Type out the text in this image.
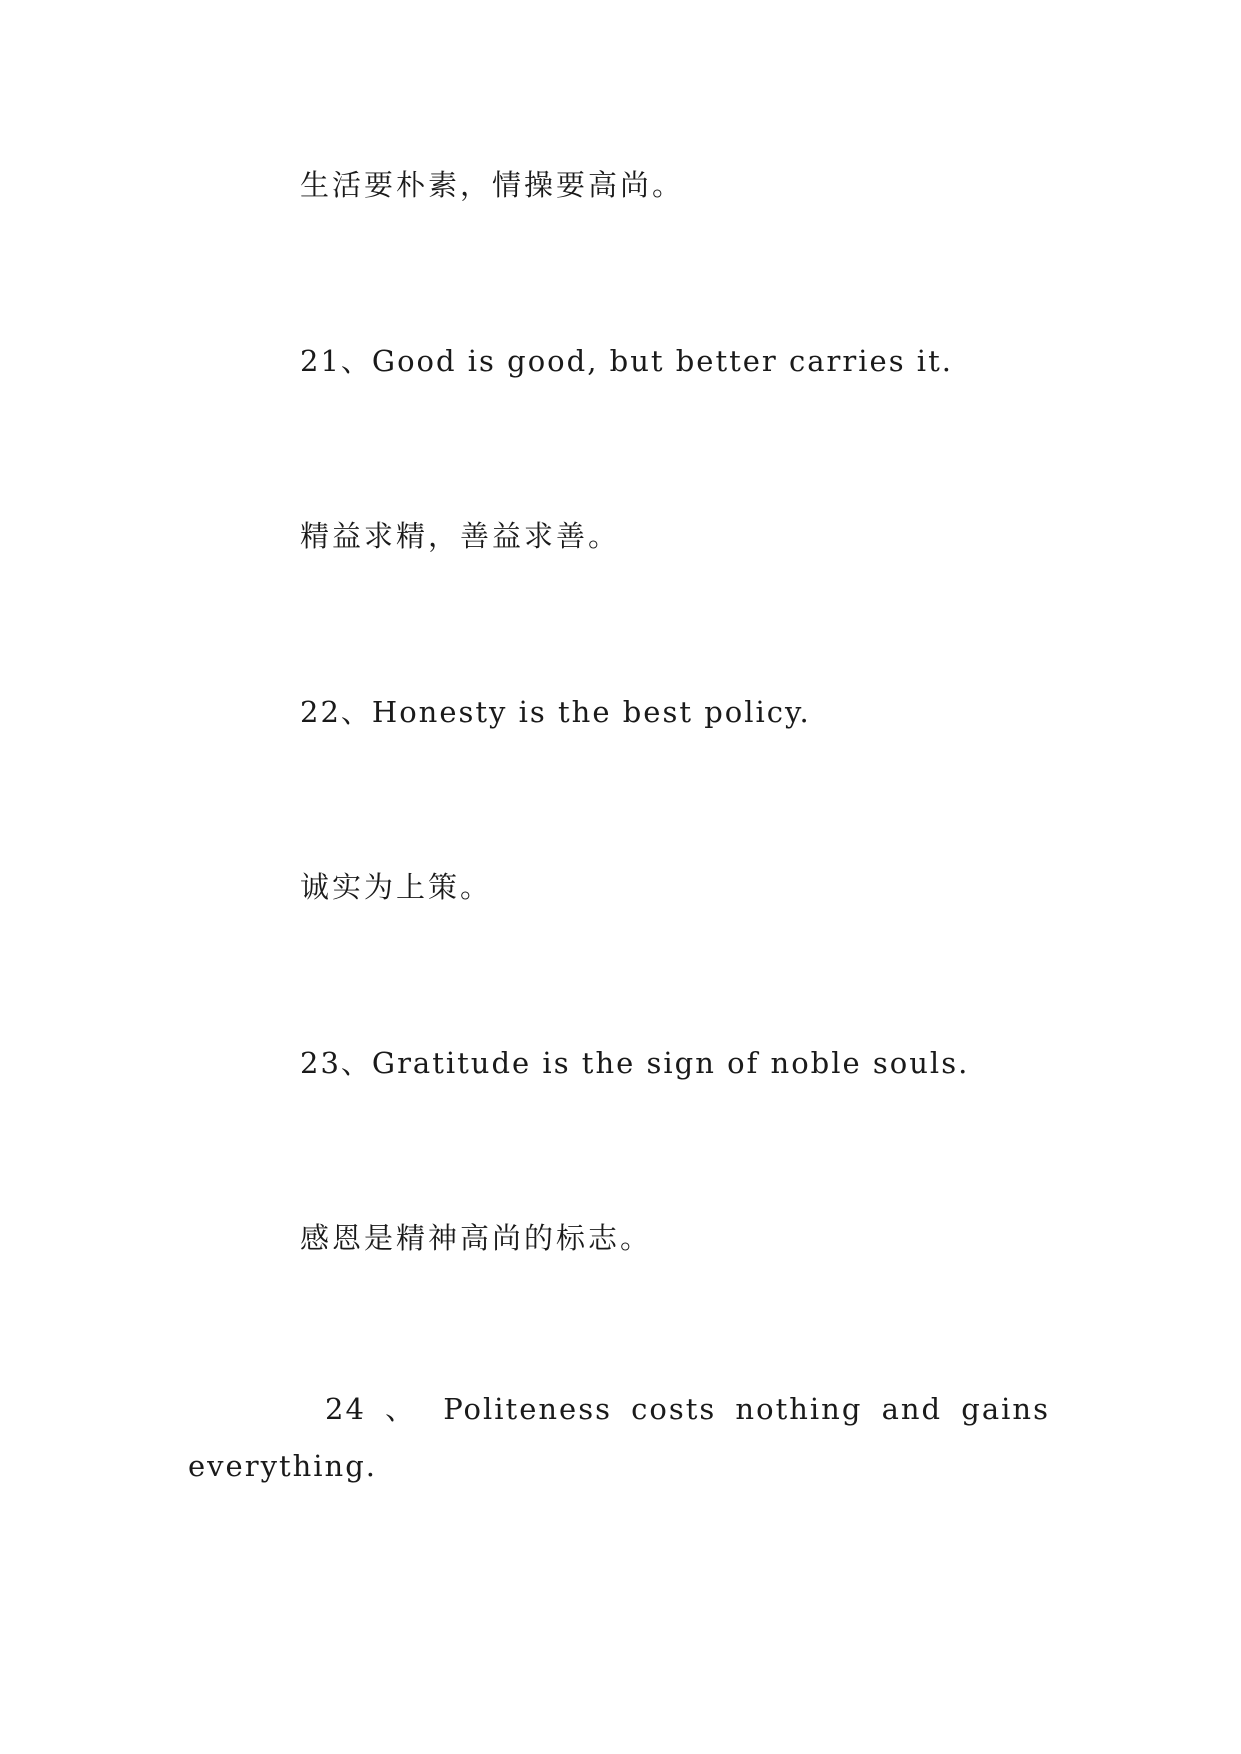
生活要朴素，情操要高尚。
21、Good is good, but better carries it.
精益求精，善益求善。
22、Honesty is the best policy.
诚实为上策。
23、Gratitude is the sign of noble souls.
感恩是精神高尚的标志。
24 、 Politeness costs nothing and gains everything.
